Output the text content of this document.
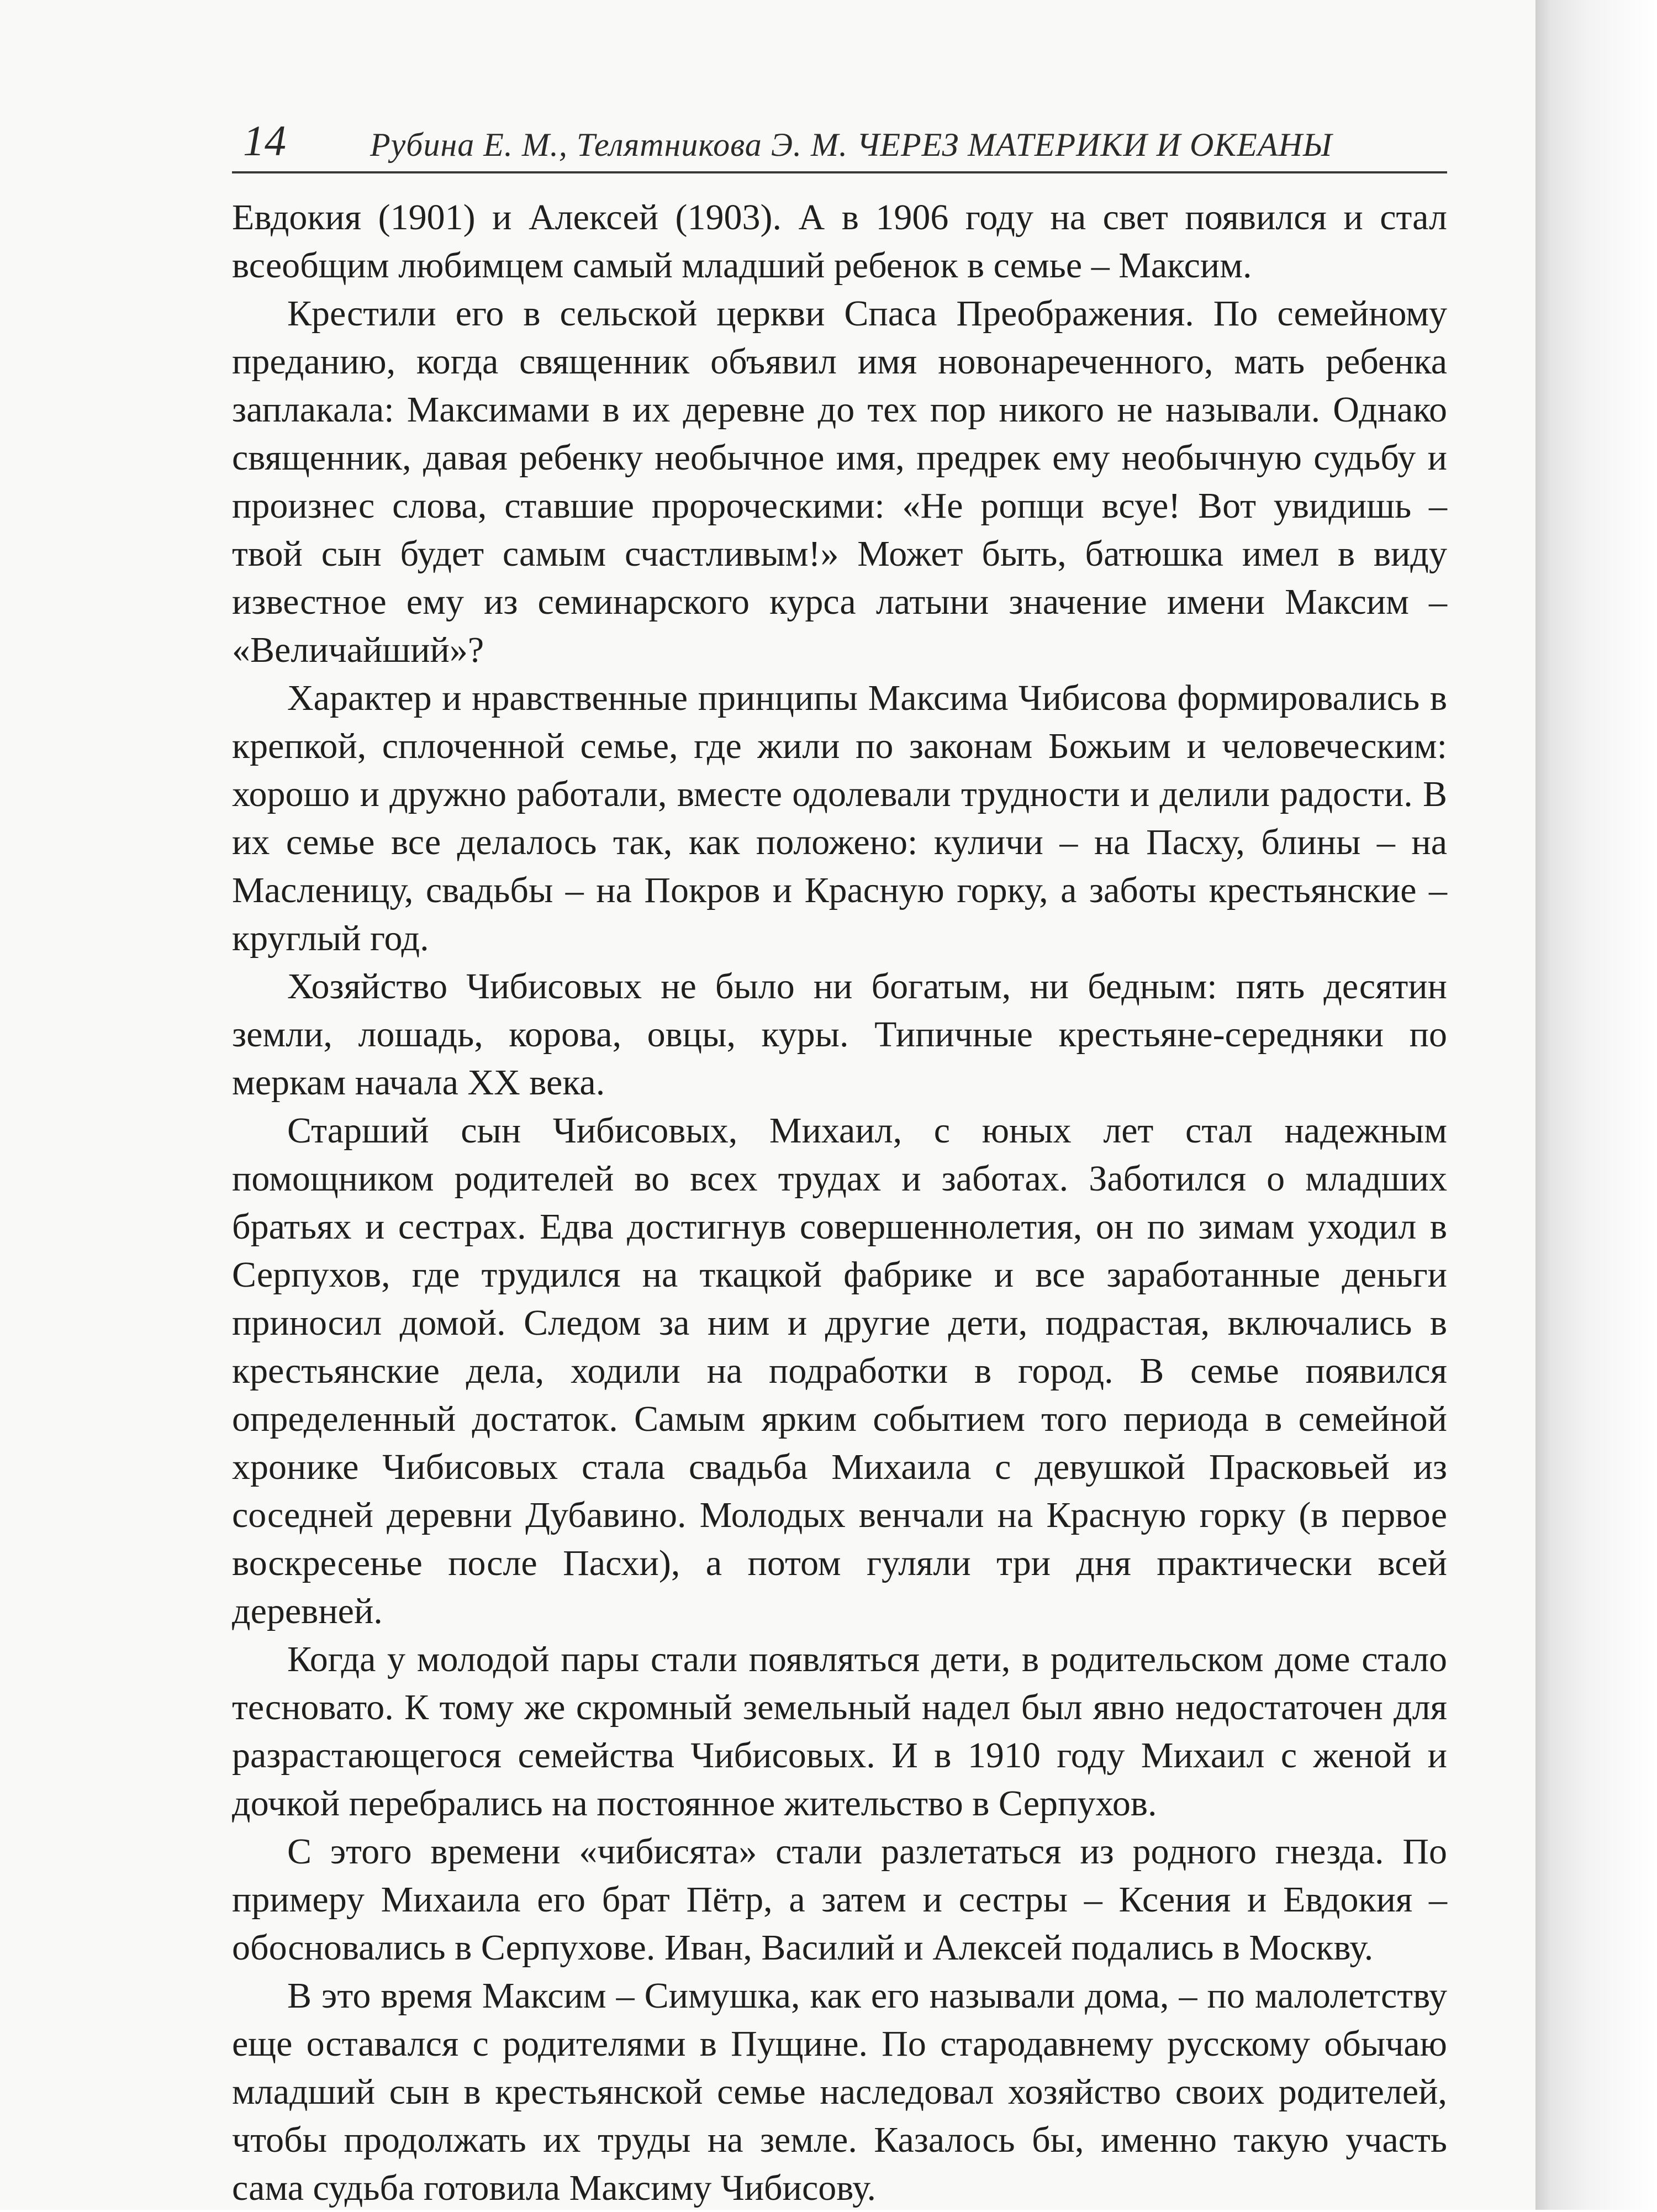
14	Рубина Е. М., Телятникова Э. М. ЧЕРЕЗ МАТЕРИКИ И ОКЕАНЫ

Евдокия (1901) и Алексей (1903). А в 1906 году на свет появился и стал всеобщим любимцем самый младший ребенок в семье – Максим.

Крестили его в сельской церкви Спаса Преображения. По семейному преданию, когда священник объявил имя новонареченного, мать ребенка заплакала: Максимами в их деревне до тех пор никого не называли. Однако священник, давая ребенку необычное имя, предрек ему необычную судьбу и произнес слова, ставшие пророческими: «Не ропщи всуе! Вот увидишь – твой сын будет самым счастливым!» Может быть, батюшка имел в виду известное ему из семинарского курса латыни значение имени Максим – «Величайший»?

Характер и нравственные принципы Максима Чибисова формировались в крепкой, сплоченной семье, где жили по законам Божьим и человеческим: хорошо и дружно работали, вместе одолевали трудности и делили радости. В их семье все делалось так, как положено: куличи – на Пасху, блины – на Масленицу, свадьбы – на Покров и Красную горку, а заботы крестьянские – круглый год.

Хозяйство Чибисовых не было ни богатым, ни бедным: пять десятин земли, лошадь, корова, овцы, куры. Типичные крестьяне-середняки по меркам начала XX века.

Старший сын Чибисовых, Михаил, с юных лет стал надежным помощником родителей во всех трудах и заботах. Заботился о младших братьях и сестрах. Едва достигнув совершеннолетия, он по зимам уходил в Серпухов, где трудился на ткацкой фабрике и все заработанные деньги приносил домой. Следом за ним и другие дети, подрастая, включались в крестьянские дела, ходили на подработки в город. В семье появился определенный достаток. Самым ярким событием того периода в семейной хронике Чибисовых стала свадьба Михаила с девушкой Прасковьей из соседней деревни Дубавино. Молодых венчали на Красную горку (в первое воскресенье после Пасхи), а потом гуляли три дня практически всей деревней.

Когда у молодой пары стали появляться дети, в родительском доме стало тесновато. К тому же скромный земельный надел был явно недостаточен для разрастающегося семейства Чибисовых. И в 1910 году Михаил с женой и дочкой перебрались на постоянное жительство в Серпухов.

С этого времени «чибисята» стали разлетаться из родного гнезда. По примеру Михаила его брат Пётр, а затем и сестры – Ксения и Евдокия – обосновались в Серпухове. Иван, Василий и Алексей подались в Москву.

В это время Максим – Симушка, как его называли дома, – по малолетству еще оставался с родителями в Пущине. По стародавнему русскому обычаю младший сын в крестьянской семье наследовал хозяйство своих родителей, чтобы продолжать их труды на земле. Казалось бы, именно такую участь сама судьба готовила Максиму Чибисову.
